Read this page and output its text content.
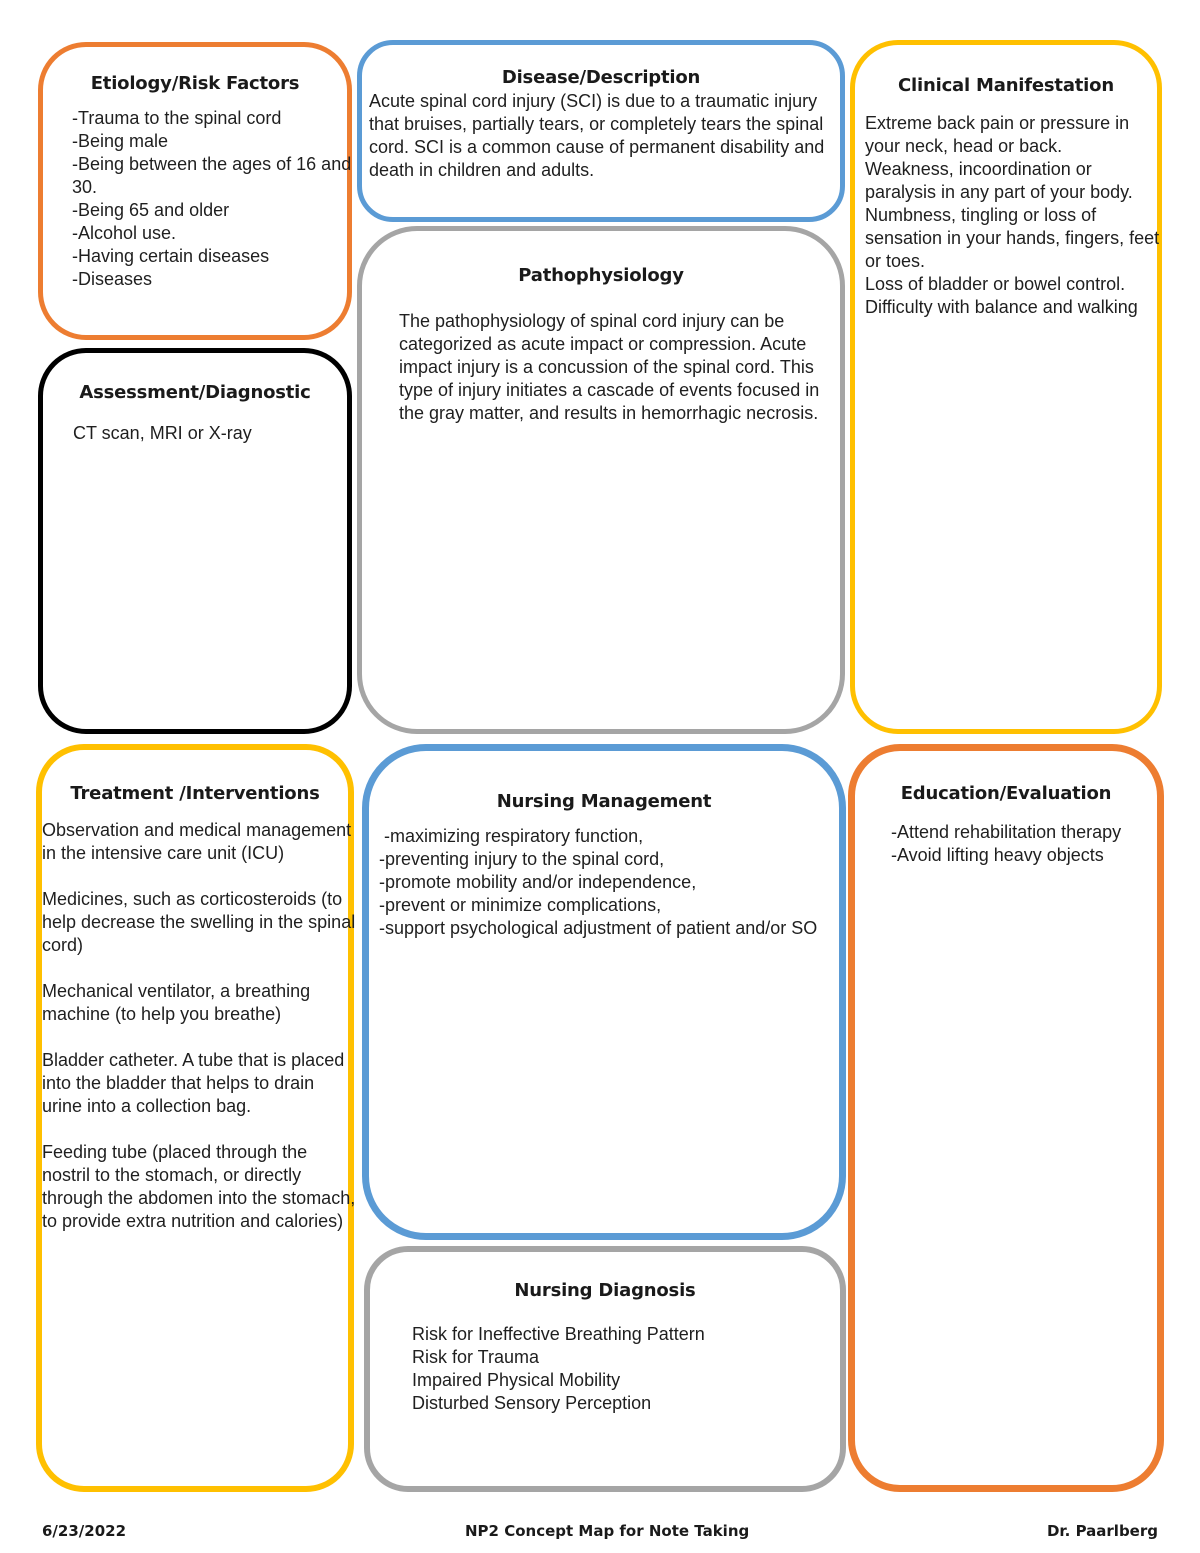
Etiology/Risk Factors
-Trauma to the spinal cord
-Being male
-Being between the ages of 16 and 30.
-Being 65 and older
-Alcohol use.
-Having certain diseases
-Diseases
Disease/Description
Acute spinal cord injury (SCI) is due to a traumatic injury that bruises, partially tears, or completely tears the spinal cord. SCI is a common cause of permanent disability and death in children and adults.
Clinical Manifestation
Extreme back pain or pressure in your neck, head or back.
Weakness, incoordination or paralysis in any part of your body.
Numbness, tingling or loss of sensation in your hands, fingers, feet or toes.
Loss of bladder or bowel control.
Difficulty with balance and walking
Pathophysiology
The pathophysiology of spinal cord injury can be categorized as acute impact or compression. Acute impact injury is a concussion of the spinal cord. This type of injury initiates a cascade of events focused in the gray matter, and results in hemorrhagic necrosis.
Assessment/Diagnostic
CT scan, MRI or X-ray
Treatment /Interventions
Observation and medical management in the intensive care unit (ICU)
Medicines, such as corticosteroids (to help decrease the swelling in the spinal cord)
Mechanical ventilator, a breathing machine (to help you breathe)
Bladder catheter. A tube that is placed into the bladder that helps to drain urine into a collection bag.
Feeding tube (placed through the nostril to the stomach, or directly through the abdomen into the stomach, to provide extra nutrition and calories)
Nursing Management
-maximizing respiratory function,
-preventing injury to the spinal cord,
-promote mobility and/or independence,
-prevent or minimize complications,
-support psychological adjustment of patient and/or SO
Education/Evaluation
-Attend rehabilitation therapy
-Avoid lifting heavy objects
Nursing Diagnosis
Risk for Ineffective Breathing Pattern
Risk for Trauma
Impaired Physical Mobility
Disturbed Sensory Perception
6/23/2022	NP2 Concept Map for Note Taking	Dr. Paarlberg
